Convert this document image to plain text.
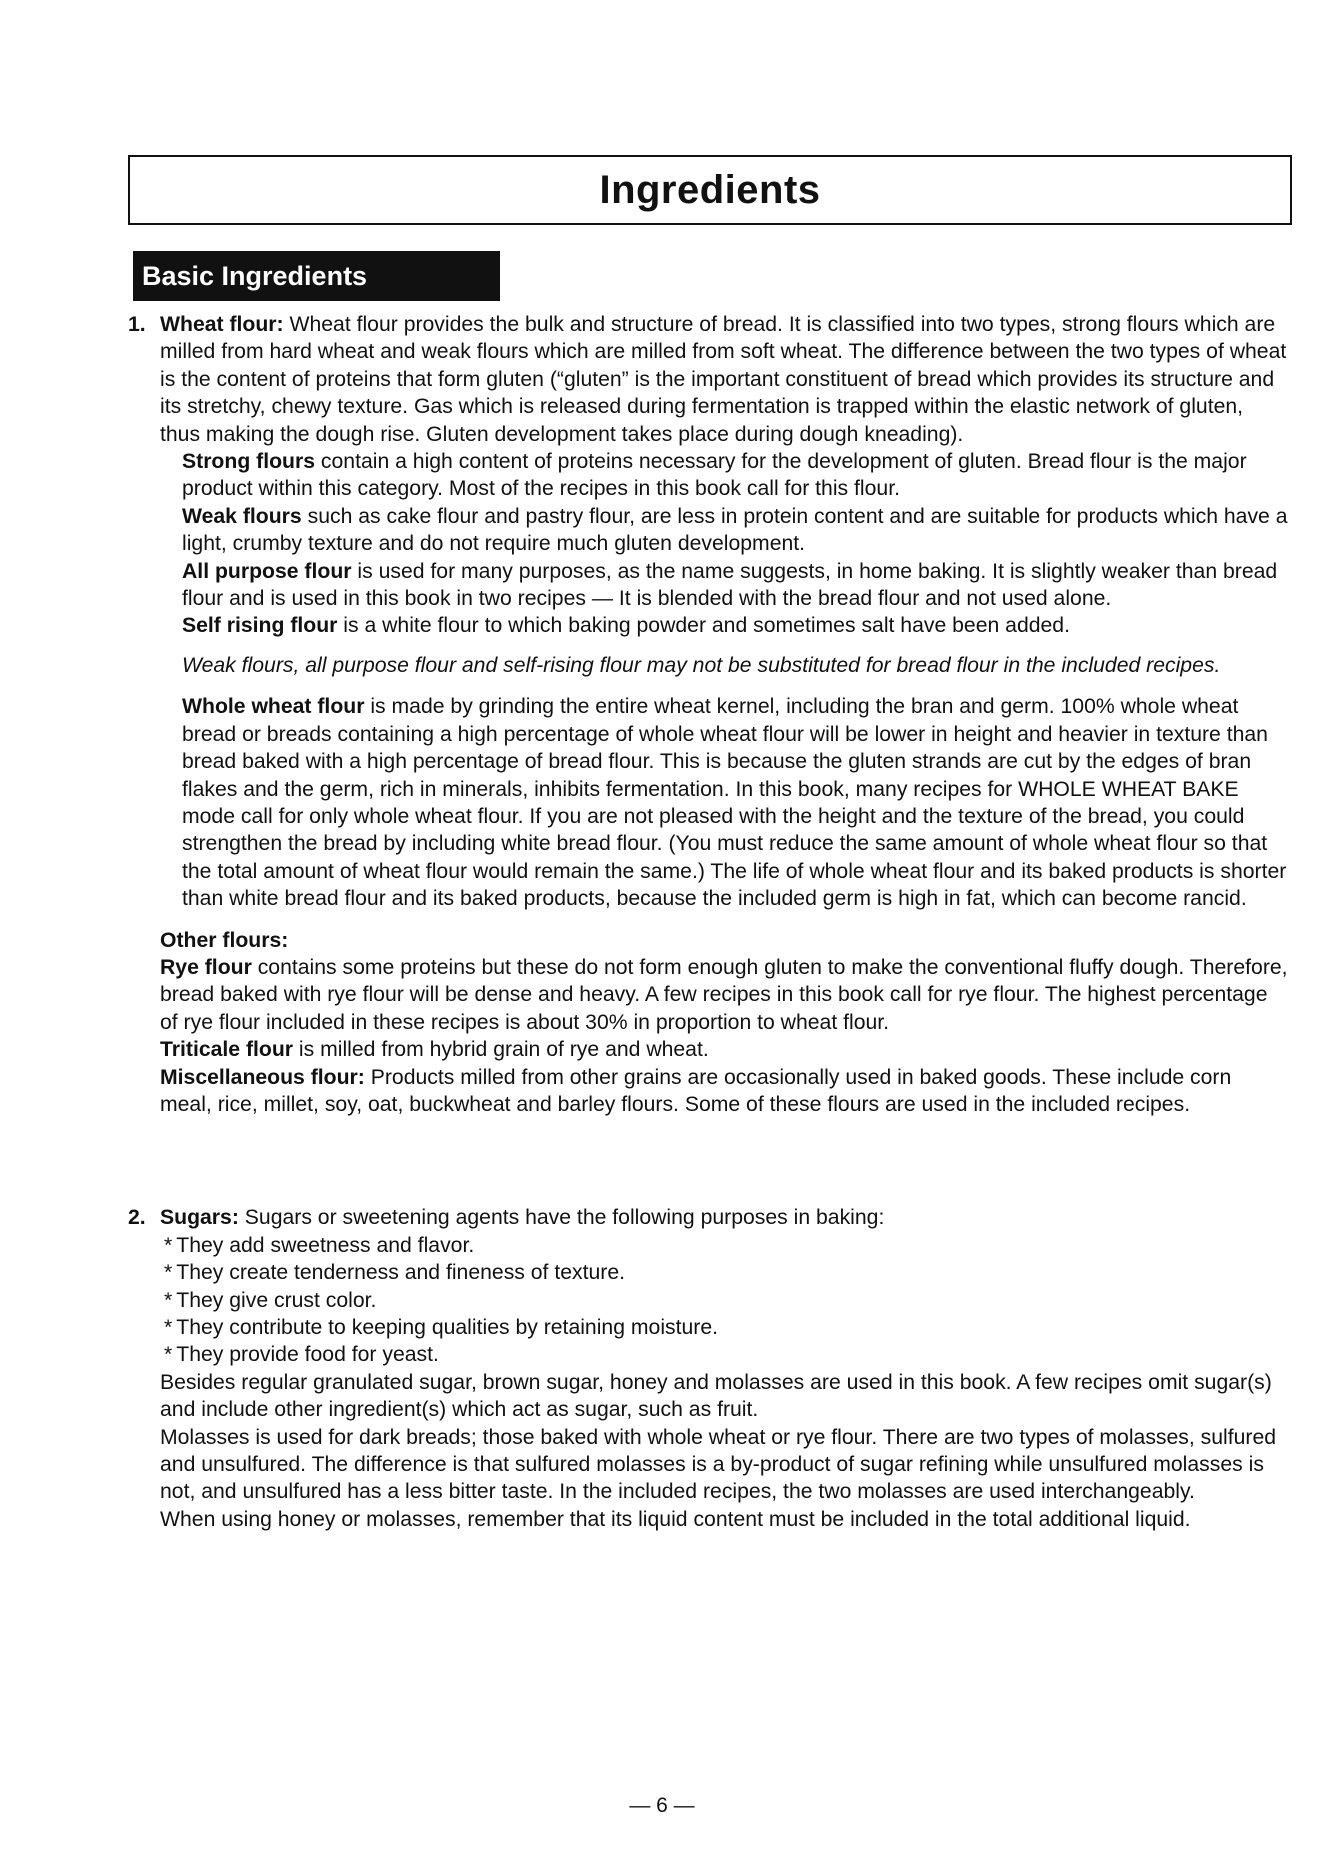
Ingredients
Basic Ingredients
1. Wheat flour: Wheat flour provides the bulk and structure of bread. It is classified into two types, strong flours which are milled from hard wheat and weak flours which are milled from soft wheat. The difference between the two types of wheat is the content of proteins that form gluten (“gluten” is the important constituent of bread which provides its structure and its stretchy, chewy texture. Gas which is released during fermentation is trapped within the elastic network of gluten, thus making the dough rise. Gluten development takes place during dough kneading).

Strong flours contain a high content of proteins necessary for the development of gluten. Bread flour is the major product within this category. Most of the recipes in this book call for this flour.

Weak flours such as cake flour and pastry flour, are less in protein content and are suitable for products which have a light, crumby texture and do not require much gluten development.

All purpose flour is used for many purposes, as the name suggests, in home baking. It is slightly weaker than bread flour and is used in this book in two recipes — It is blended with the bread flour and not used alone.

Self rising flour is a white flour to which baking powder and sometimes salt have been added.

Weak flours, all purpose flour and self-rising flour may not be substituted for bread flour in the included recipes.

Whole wheat flour is made by grinding the entire wheat kernel, including the bran and germ. 100% whole wheat bread or breads containing a high percentage of whole wheat flour will be lower in height and heavier in texture than bread baked with a high percentage of bread flour. This is because the gluten strands are cut by the edges of bran flakes and the germ, rich in minerals, inhibits fermentation. In this book, many recipes for WHOLE WHEAT BAKE mode call for only whole wheat flour. If you are not pleased with the height and the texture of the bread, you could strengthen the bread by including white bread flour. (You must reduce the same amount of whole wheat flour so that the total amount of wheat flour would remain the same.) The life of whole wheat flour and its baked products is shorter than white bread flour and its baked products, because the included germ is high in fat, which can become rancid.

Other flours:

Rye flour contains some proteins but these do not form enough gluten to make the conventional fluffy dough. Therefore, bread baked with rye flour will be dense and heavy. A few recipes in this book call for rye flour. The highest percentage of rye flour included in these recipes is about 30% in proportion to wheat flour.

Triticale flour is milled from hybrid grain of rye and wheat.

Miscellaneous flour: Products milled from other grains are occasionally used in baked goods. These include corn meal, rice, millet, soy, oat, buckwheat and barley flours. Some of these flours are used in the included recipes.

2. Sugars: Sugars or sweetening agents have the following purposes in baking:

* They add sweetness and flavor.
* They create tenderness and fineness of texture.
* They give crust color.
* They contribute to keeping qualities by retaining moisture.
* They provide food for yeast.

Besides regular granulated sugar, brown sugar, honey and molasses are used in this book. A few recipes omit sugar(s) and include other ingredient(s) which act as sugar, such as fruit.

Molasses is used for dark breads; those baked with whole wheat or rye flour. There are two types of molasses, sulfured and unsulfured. The difference is that sulfured molasses is a by-product of sugar refining while unsulfured molasses is not, and unsulfured has a less bitter taste. In the included recipes, the two molasses are used interchangeably.

When using honey or molasses, remember that its liquid content must be included in the total additional liquid.

— 6 —
